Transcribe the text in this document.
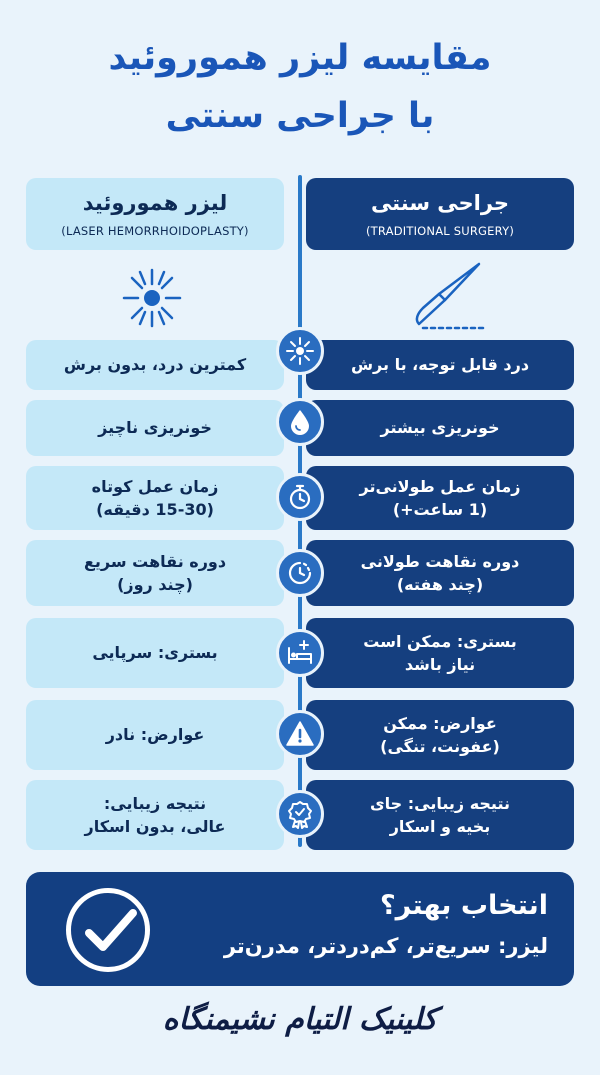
مقایسه لیزر هموروئید
با جراحی سنتی
لیزر هموروئید
(LASER HEMORRHOIDOPLASTY)
جراحی سنتی
(TRADITIONAL SURGERY)
کمترین درد، بدون برش	درد قابل توجه، با برش
خونریزی ناچیز	خونریزی بیشتر
زمان عمل کوتاه
(15-30 دقیقه)
زمان عمل طولانی‌تر
(1 ساعت+)
دوره نقاهت سریع
(چند روز)
دوره نقاهت طولانی
(چند هفته)
بستری: سرپایی
بستری: ممکن است
نیاز باشد
عوارض: نادر
عوارض: ممکن
(عفونت، تنگی)
نتیجه زیبایی:
عالی، بدون اسکار
نتیجه زیبایی: جای
بخیه و اسکار
انتخاب بهتر؟
لیزر: سریع‌تر، کم‌دردتر، مدرن‌تر
کلینیک التیام نشیمنگاه
